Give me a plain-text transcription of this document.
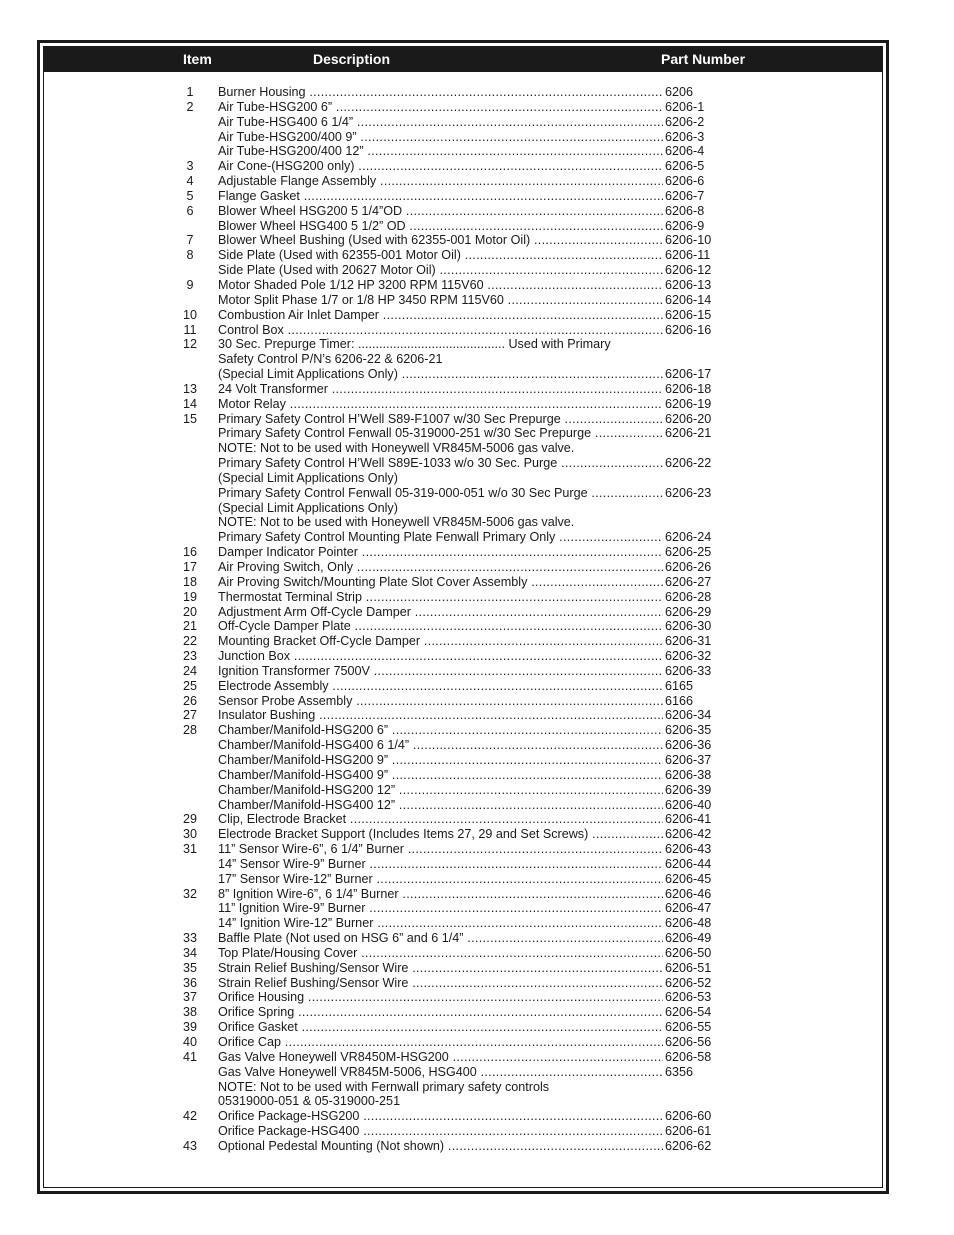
Item	Description	Part Number
1	Burner Housing .....	6206
2	Air Tube-HSG200 6” .....	6206-1
Air Tube-HSG400 6 1/4” .....	6206-2
Air Tube-HSG200/400 9” .....	6206-3
Air Tube-HSG200/400 12” .....	6206-4
3	Air Cone-(HSG200 only) .....	6206-5
4	Adjustable Flange Assembly .....	6206-6
5	Flange Gasket .....	6206-7
6	Blower Wheel HSG200 5 1/4”OD .....	6206-8
Blower Wheel HSG400 5 1/2” OD .....	6206-9
7	Blower Wheel Bushing (Used with 62355-001 Motor Oil) .....	6206-10
8	Side Plate (Used with 62355-001 Motor Oil) .....	6206-11
Side Plate (Used with 20627 Motor Oil) .....	6206-12
9	Motor Shaded Pole 1/12 HP 3200 RPM 115V60 .....	6206-13
Motor Split Phase 1/7 or 1/8 HP 3450 RPM 115V60 .....	6206-14
10	Combustion Air Inlet Damper .....	6206-15
11	Control Box .....	6206-16
12	30 Sec. Prepurge Timer: .......................................... Used with Primary
Safety Control P/N’s 6206-22 & 6206-21
(Special Limit Applications Only) .....	6206-17
13	24 Volt Transformer .....	6206-18
14	Motor Relay .....	6206-19
15	Primary Safety Control H’Well S89-F1007 w/30 Sec Prepurge .....	6206-20
Primary Safety Control Fenwall 05-319000-251 w/30 Sec Prepurge .....	6206-21
NOTE: Not to be used with Honeywell VR845M-5006 gas valve.
Primary Safety Control H’Well S89E-1033 w/o 30 Sec. Purge .....	6206-22
(Special Limit Applications Only)
Primary Safety Control Fenwall 05-319-000-051 w/o 30 Sec Purge .....	6206-23
(Special Limit Applications Only)
NOTE: Not to be used with Honeywell VR845M-5006 gas valve.
Primary Safety Control Mounting Plate Fenwall Primary Only .....	6206-24
16	Damper Indicator Pointer .....	6206-25
17	Air Proving Switch, Only .....	6206-26
18	Air Proving Switch/Mounting Plate Slot Cover Assembly .....	6206-27
19	Thermostat Terminal Strip .....	6206-28
20	Adjustment Arm Off-Cycle Damper .....	6206-29
21	Off-Cycle Damper Plate .....	6206-30
22	Mounting Bracket Off-Cycle Damper .....	6206-31
23	Junction Box .....	6206-32
24	Ignition Transformer 7500V .....	6206-33
25	Electrode Assembly .....	6165
26	Sensor Probe Assembly .....	6166
27	Insulator Bushing .....	6206-34
28	Chamber/Manifold-HSG200 6” .....	6206-35
Chamber/Manifold-HSG400 6 1/4” .....	6206-36
Chamber/Manifold-HSG200 9” .....	6206-37
Chamber/Manifold-HSG400 9” .....	6206-38
Chamber/Manifold-HSG200 12” .....	6206-39
Chamber/Manifold-HSG400 12” .....	6206-40
29	Clip, Electrode Bracket .....	6206-41
30	Electrode Bracket Support (Includes Items 27, 29 and Set Screws) .....	6206-42
31	11” Sensor Wire-6”, 6 1/4” Burner .....	6206-43
14” Sensor Wire-9” Burner .....	6206-44
17” Sensor Wire-12” Burner .....	6206-45
32	8” Ignition Wire-6”, 6 1/4” Burner .....	6206-46
11” Ignition Wire-9” Burner .....	6206-47
14” Ignition Wire-12” Burner .....	6206-48
33	Baffle Plate (Not used on HSG 6” and 6 1/4” .....	6206-49
34	Top Plate/Housing Cover .....	6206-50
35	Strain Relief Bushing/Sensor Wire .....	6206-51
36	Strain Relief Bushing/Sensor Wire .....	6206-52
37	Orifice Housing .....	6206-53
38	Orifice Spring .....	6206-54
39	Orifice Gasket .....	6206-55
40	Orifice Cap .....	6206-56
41	Gas Valve Honeywell VR8450M-HSG200 .....	6206-58
Gas Valve Honeywell VR845M-5006, HSG400 .....	6356
NOTE: Not to be used with Fernwall primary safety controls
05319000-051 & 05-319000-251
42	Orifice Package-HSG200 .....	6206-60
Orifice Package-HSG400 .....	6206-61
43	Optional Pedestal Mounting (Not shown) .....	6206-62
